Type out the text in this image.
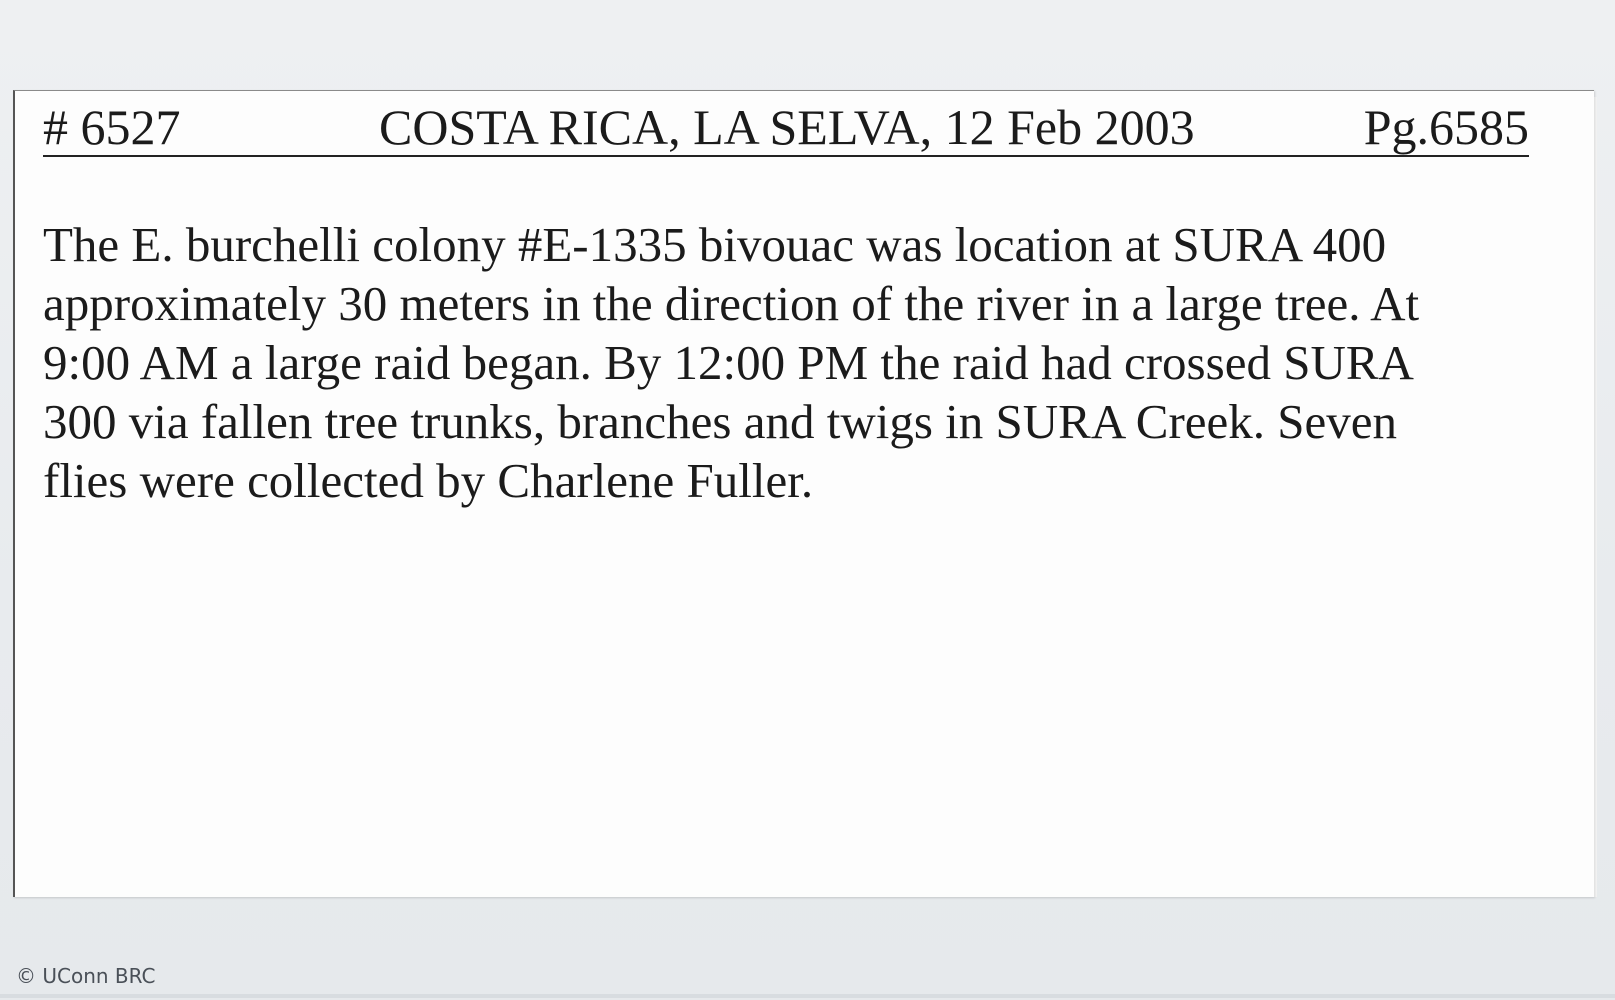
# 6527	COSTA RICA, LA SELVA, 12 Feb 2003	Pg.6585

The E. burchelli colony #E-1335 bivouac was location at SURA 400

approximately 30 meters in the direction of the river in a large tree. At

9:00 AM a large raid began. By 12:00 PM the raid had crossed SURA

300 via fallen tree trunks, branches and twigs in SURA Creek. Seven

flies were collected by Charlene Fuller.

© UConn BRC
